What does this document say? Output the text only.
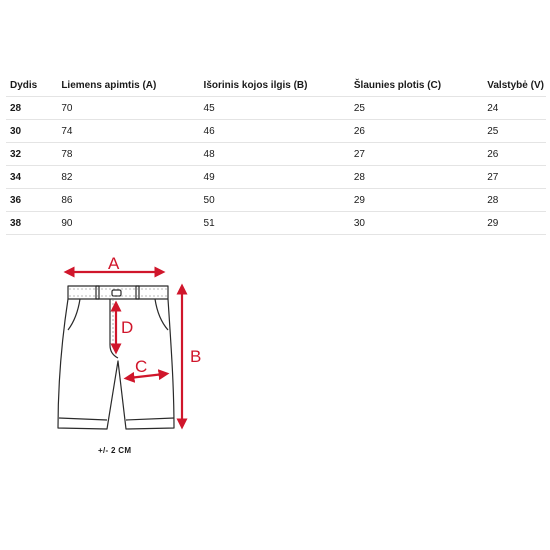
Dydis	Liemens apimtis (A)	Išorinis kojos ilgis (B)	Šlaunies plotis (C)	Valstybė (V)
28	70	45	25	24
30	74	46	26	25
32	78	48	27	26
34	82	49	28	27
36	86	50	29	28
38	90	51	30	29
A
B
C
D
+/- 2 CM
